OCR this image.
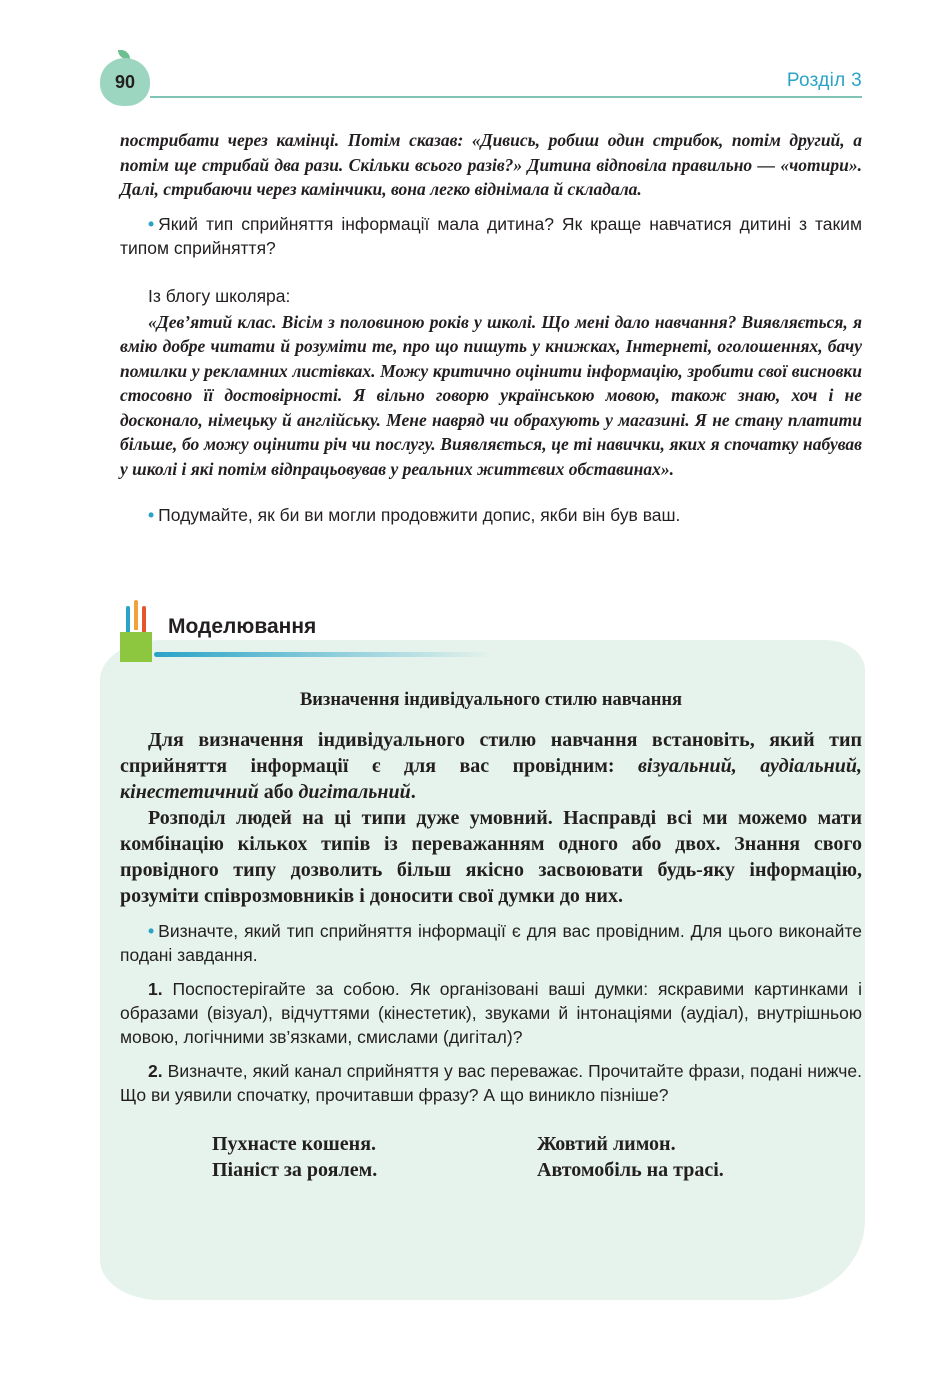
90	Розділ 3

пострибати через камінці. Потім сказав: «Дивись, робиш один стрибок, потім другий, а потім ще стрибай два рази. Скільки всього разів?» Дитина відповіла правильно — «чотири». Далі, стрибаючи через камінчики, вона легко віднімала й складала.

• Який тип сприйняття інформації мала дитина? Як краще навчатися дитині з таким типом сприйняття?

Із блогу школяра:

«Дев’ятий клас. Вісім з половиною років у школі. Що мені дало навчання? Виявляється, я вмію добре читати й розуміти те, про що пишуть у книжках, Інтернеті, оголошеннях, бачу помилки у рекламних листівках. Можу критично оцінити інформацію, зробити свої висновки стосовно її достовірності. Я вільно говорю українською мовою, також знаю, хоч і не досконало, німецьку й англійську. Мене навряд чи обрахують у магазині. Я не стану платити більше, бо можу оцінити річ чи послугу. Виявляється, це ті навички, яких я спочатку набував у школі і які потім відпрацьовував у реальних життєвих обставинах».

• Подумайте, як би ви могли продовжити допис, якби він був ваш.

Моделювання

Визначення індивідуального стилю навчання

Для визначення індивідуального стилю навчання встановіть, який тип сприйняття інформації є для вас провідним: візуальний, аудіальний, кінестетичний або дигітальний.

Розподіл людей на ці типи дуже умовний. Насправді всі ми можемо мати комбінацію кількох типів із переважанням одного або двох. Знання свого провідного типу дозволить більш якісно засвоювати будь-яку інформацію, розуміти співрозмовників і доносити свої думки до них.

• Визначте, який тип сприйняття інформації є для вас провідним. Для цього виконайте подані завдання.

1. Поспостерігайте за собою. Як організовані ваші думки: яскравими картинками і образами (візуал), відчуттями (кінестетик), звуками й інтонаціями (аудіал), внутрішньою мовою, логічними зв’язками, смислами (дигітал)?

2. Визначте, який канал сприйняття у вас переважає. Прочитайте фрази, подані нижче. Що ви уявили спочатку, прочитавши фразу? А що виникло пізніше?

Пухнасте кошеня.
Піаніст за роялем.
Жовтий лимон.
Автомобіль на трасі.
